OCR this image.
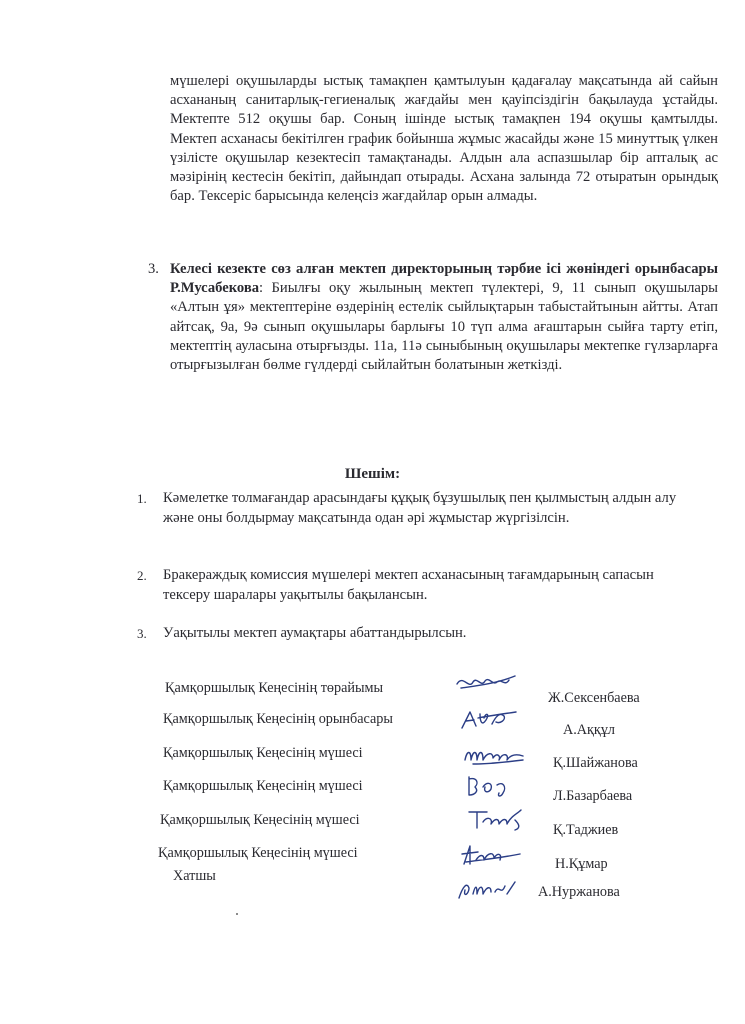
мүшелері оқушыларды ыстық тамақпен қамтылуын қадағалау мақсатында ай сайын асхананың санитарлық-гегиеналық жағдайы мен қауіпсіздігін бақылауда ұстайды. Мектепте 512 оқушы бар. Соның ішінде ыстық тамақпен 194 оқушы қамтылды. Мектеп асханасы бекітілген график бойынша жұмыс жасайды және 15 минуттық үлкен үзілісте оқушылар кезектесіп тамақтанады. Алдын ала аспазшылар бір апталық ас мәзірінің кестесін бекітіп, дайындап отырады. Асхана залында 72 отыратын орындық бар. Тексеріс барысында келеңсіз жағдайлар орын алмады.
3. Келесі кезекте сөз алған мектеп директорының тәрбие ісі жөніндегі орынбасары Р.Мусабекова: Биылғы оқу жылының мектеп түлектері, 9, 11 сынып оқушылары «Алтын ұя» мектептеріне өздерінің естелік сыйлықтарын табыстайтынын айтты. Атап айтсақ, 9а, 9ә сынып оқушылары барлығы 10 түп алма ағаштарын сыйға тарту етіп, мектептің ауласына отырғызды. 11а, 11ә сыныбының оқушылары мектепке гүлзарларға отырғызылған бөлме гүлдерді сыйлайтын болатынын жеткізді.
Шешім:
1. Кәмелетке толмағандар арасындағы құқық бұзушылық пен қылмыстың алдын алу және оны болдырмау мақсатында одан әрі жұмыстар жүргізілсін.
2. Бракераждық комиссия мүшелері мектеп асханасының тағамдарының сапасын тексеру шаралары уақытылы бақылансын.
3. Уақытылы мектеп аумақтары абаттандырылсын.
Қамқоршылық Кеңесінің төрайымы
Ж.Сексенбаева
Қамқоршылық Кеңесінің орынбасары
А.Аққұл
Қамқоршылық Кеңесінің мүшесі
Қ.Шайжанова
Қамқоршылық Кеңесінің мүшесі
Л.Базарбаева
Қамқоршылық Кеңесінің мүшесі
Қ.Таджиев
Қамқоршылық Кеңесінің мүшесі
Н.Құмар
Хатшы
А.Нуржанова
